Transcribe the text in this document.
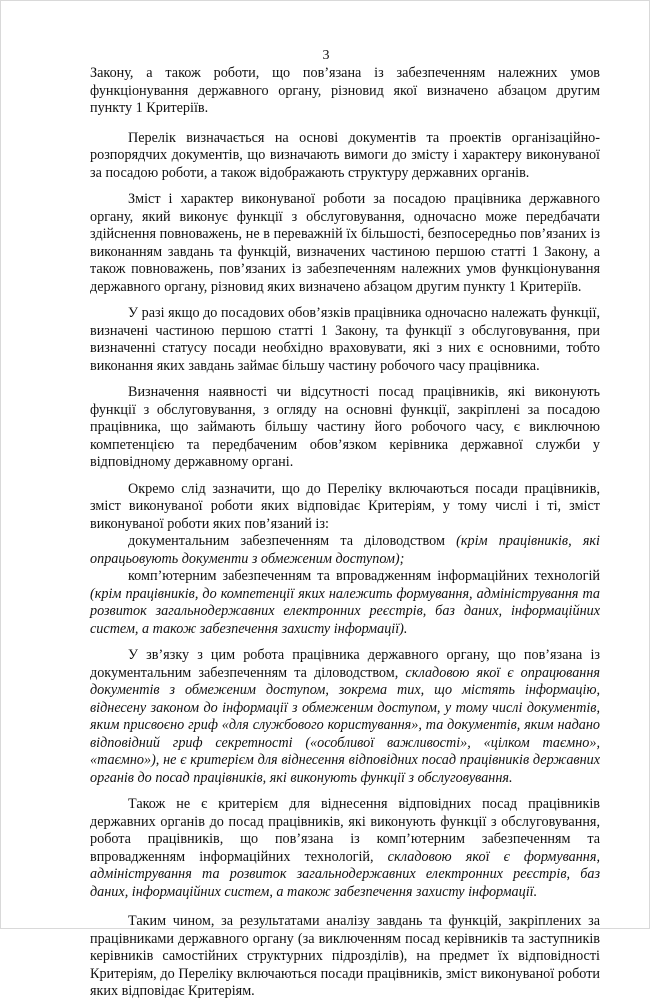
3

Закону, а також роботи, що пов’язана із забезпеченням належних умов функціонування державного органу, різновид якої визначено абзацом другим пункту 1 Критеріїв.

Перелік визначається на основі документів та проектів організаційно-розпорядчих документів, що визначають вимоги до змісту і характеру виконуваної за посадою роботи, а також відображають структуру державних органів.

Зміст і характер виконуваної роботи за посадою працівника державного органу, який виконує функції з обслуговування, одночасно може передбачати здійснення повноважень, не в переважній їх більшості, безпосередньо пов’язаних із виконанням завдань та функцій, визначених частиною першою статті 1 Закону, а також повноважень, пов’язаних із забезпеченням належних умов функціонування державного органу, різновид яких визначено абзацом другим пункту 1 Критеріїв.

У разі якщо до посадових обов’язків працівника одночасно належать функції, визначені частиною першою статті 1 Закону, та функції з обслуговування, при визначенні статусу посади необхідно враховувати, які з них є основними, тобто виконання яких завдань займає більшу частину робочого часу працівника.

Визначення наявності чи відсутності посад працівників, які виконують функції з обслуговування, з огляду на основні функції, закріплені за посадою працівника, що займають більшу частину його робочого часу, є виключною компетенцією та передбаченим обов’язком керівника державної служби у відповідному державному органі.

Окремо слід зазначити, що до Переліку включаються посади працівників, зміст виконуваної роботи яких відповідає Критеріям, у тому числі і ті, зміст виконуваної роботи яких пов’язаний із:

документальним забезпеченням та діловодством (крім працівників, які опрацьовують документи з обмеженим доступом);

комп’ютерним забезпеченням та впровадженням інформаційних технологій (крім працівників, до компетенції яких належить формування, адміністрування та розвиток загальнодержавних електронних реєстрів, баз даних, інформаційних систем, а також забезпечення захисту інформації).

У зв’язку з цим робота працівника державного органу, що пов’язана із документальним забезпеченням та діловодством, складовою якої є опрацювання документів з обмеженим доступом, зокрема тих, що містять інформацію, віднесену законом до інформації з обмеженим доступом, у тому числі документів, яким присвоєно гриф «для службового користування», та документів, яким надано відповідний гриф секретності («особливої важливості», «цілком таємно», «таємно»), не є критерієм для віднесення відповідних посад працівників державних органів до посад працівників, які виконують функції з обслуговування.

Також не є критерієм для віднесення відповідних посад працівників державних органів до посад працівників, які виконують функції з обслуговування, робота працівників, що пов’язана із комп’ютерним забезпеченням та впровадженням інформаційних технологій, складовою якої є формування, адміністрування та розвиток загальнодержавних електронних реєстрів, баз даних, інформаційних систем, а також забезпечення захисту інформації.

Таким чином, за результатами аналізу завдань та функцій, закріплених за працівниками державного органу (за виключенням посад керівників та заступників керівників самостійних структурних підрозділів), на предмет їх відповідності Критеріям, до Переліку включаються посади працівників, зміст виконуваної роботи яких відповідає Критеріям.
